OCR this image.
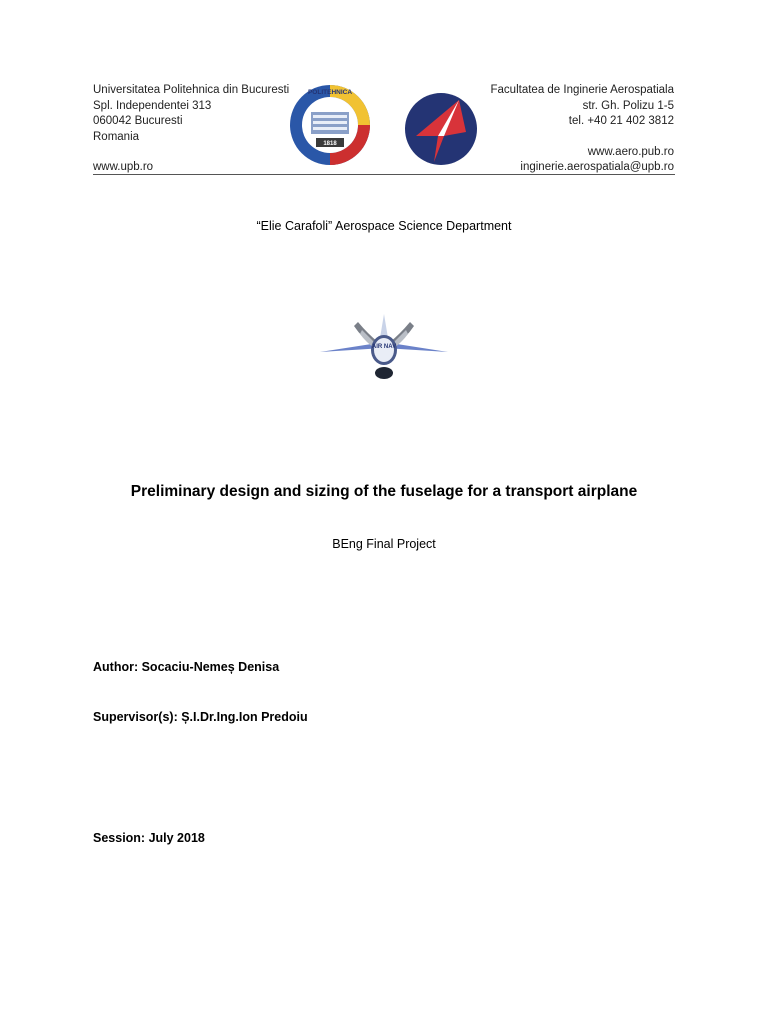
Universitatea Politehnica din Bucuresti
Spl. Independentei 313
060042 Bucuresti
Romania
www.upb.ro
1818
POLITEHNICA	Facultatea de Inginerie Aerospatiala
str. Gh. Polizu 1-5
tel. +40 21 402 3812
www.aero.pub.ro
inginerie.aerospatiala@upb.ro
“Elie Carafoli” Aerospace Science Department
AIR NAV
Preliminary design and sizing of the fuselage for a transport airplane
BEng Final Project
Author: Socaciu-Nemeș Denisa
Supervisor(s): Ș.I.Dr.Ing.Ion Predoiu
Session: July 2018
